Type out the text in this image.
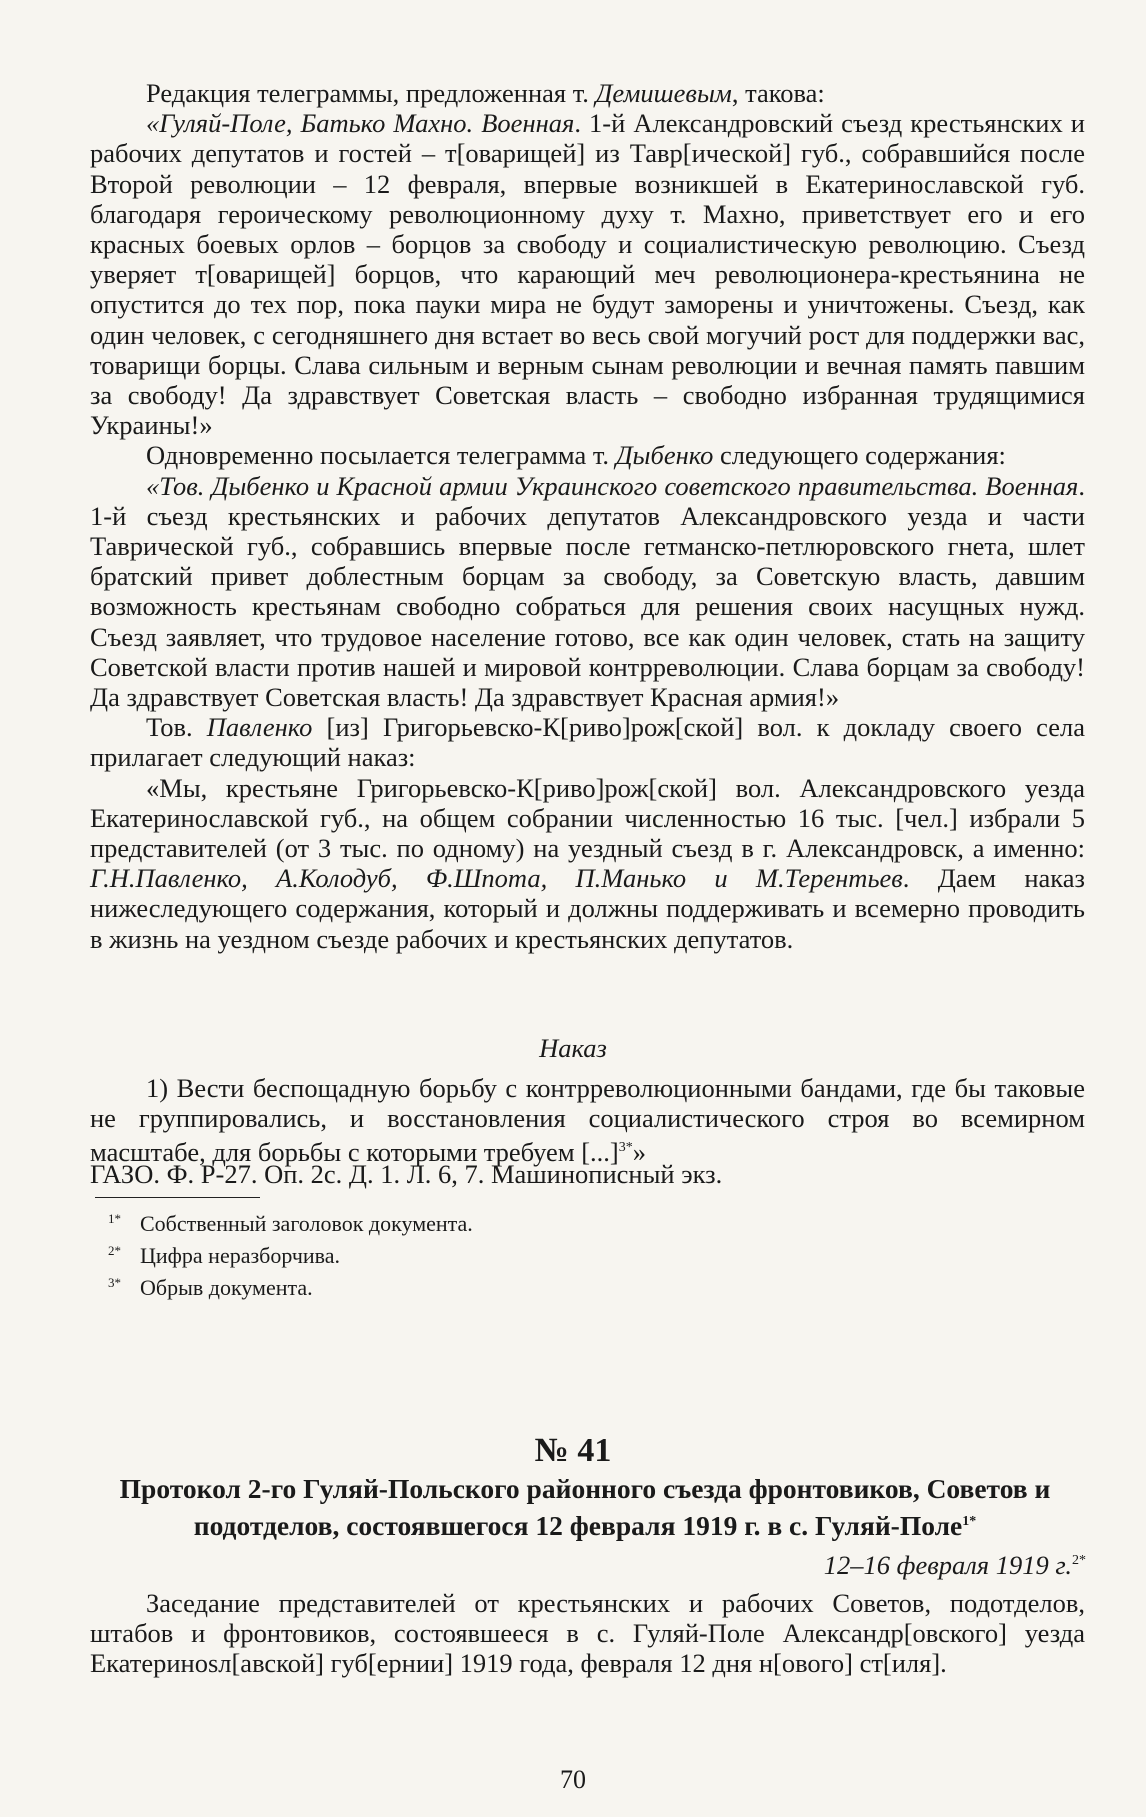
Редакция телеграммы, предложенная т. Демишевым, такова:

«Гуляй-Поле, Батько Махно. Военная. 1-й Александровский съезд крестьянских и рабочих депутатов и гостей – т[оварищей] из Тавр[ической] губ., собравшийся после Второй революции – 12 февраля, впервые возникшей в Екатеринославской губ. благодаря героическому революционному духу т. Махно, приветствует его и его красных боевых орлов – борцов за свободу и социалистическую революцию. Съезд уверяет т[оварищей] борцов, что карающий меч революционера-крестьянина не опустится до тех пор, пока пауки мира не будут заморены и уничтожены. Съезд, как один человек, с сегодняшнего дня встает во весь свой могучий рост для поддержки вас, товарищи борцы. Слава сильным и верным сынам революции и вечная память павшим за свободу! Да здравствует Советская власть – свободно избранная трудящимися Украины!»

Одновременно посылается телеграмма т. Дыбенко следующего содержания:

«Тов. Дыбенко и Красной армии Украинского советского правительства. Военная. 1-й съезд крестьянских и рабочих депутатов Александровского уезда и части Таврической губ., собравшись впервые после гетманско-петлюровского гнета, шлет братский привет доблестным борцам за свободу, за Советскую власть, давшим возможность крестьянам свободно собраться для решения своих насущных нужд. Съезд заявляет, что трудовое население готово, все как один человек, стать на защиту Советской власти против нашей и мировой контрреволюции. Слава борцам за свободу! Да здравствует Советская власть! Да здравствует Красная армия!»

Тов. Павленко [из] Григорьевско-К[риво]рож[ской] вол. к докладу своего села прилагает следующий наказ:

«Мы, крестьяне Григорьевско-К[риво]рож[ской] вол. Александровского уезда Екатеринославской губ., на общем собрании численностью 16 тыс. [чел.] избрали 5 представителей (от 3 тыс. по одному) на уездный съезд в г. Александровск, а именно: Г.Н.Павленко, А.Колодуб, Ф.Шпота, П.Манько и М.Терентьев. Даем наказ нижеследующего содержания, который и должны поддерживать и всемерно проводить в жизнь на уездном съезде рабочих и крестьянских депутатов.

Наказ

1) Вести беспощадную борьбу с контрреволюционными бандами, где бы таковые не группировались, и восстановления социалистического строя во всемирном масштабе, для борьбы с которыми требуем [...]$^{3*}$»

ГАЗО. Ф. Р-27. Оп. 2с. Д. 1. Л. 6, 7. Машинописный экз.
$^{1*}$ Собственный заголовок документа.
$^{2*}$ Цифра неразборчива.
$^{3*}$ Обрыв документа.
№ 41
Протокол 2-го Гуляй-Польского районного съезда фронтовиков, Советов и подотделов, состоявшегося 12 февраля 1919 г. в с. Гуляй-Поле$^{1*}$
12–16 февраля 1919 г.$^{2*}$

Заседание представителей от крестьянских и рабочих Советов, подотделов, штабов и фронтовиков, состоявшееся в с. Гуляй-Поле Александр[овского] уезда Екатеринosл[авской] губ[ернии] 1919 года, февраля 12 дня н[ового] ст[иля].

70
